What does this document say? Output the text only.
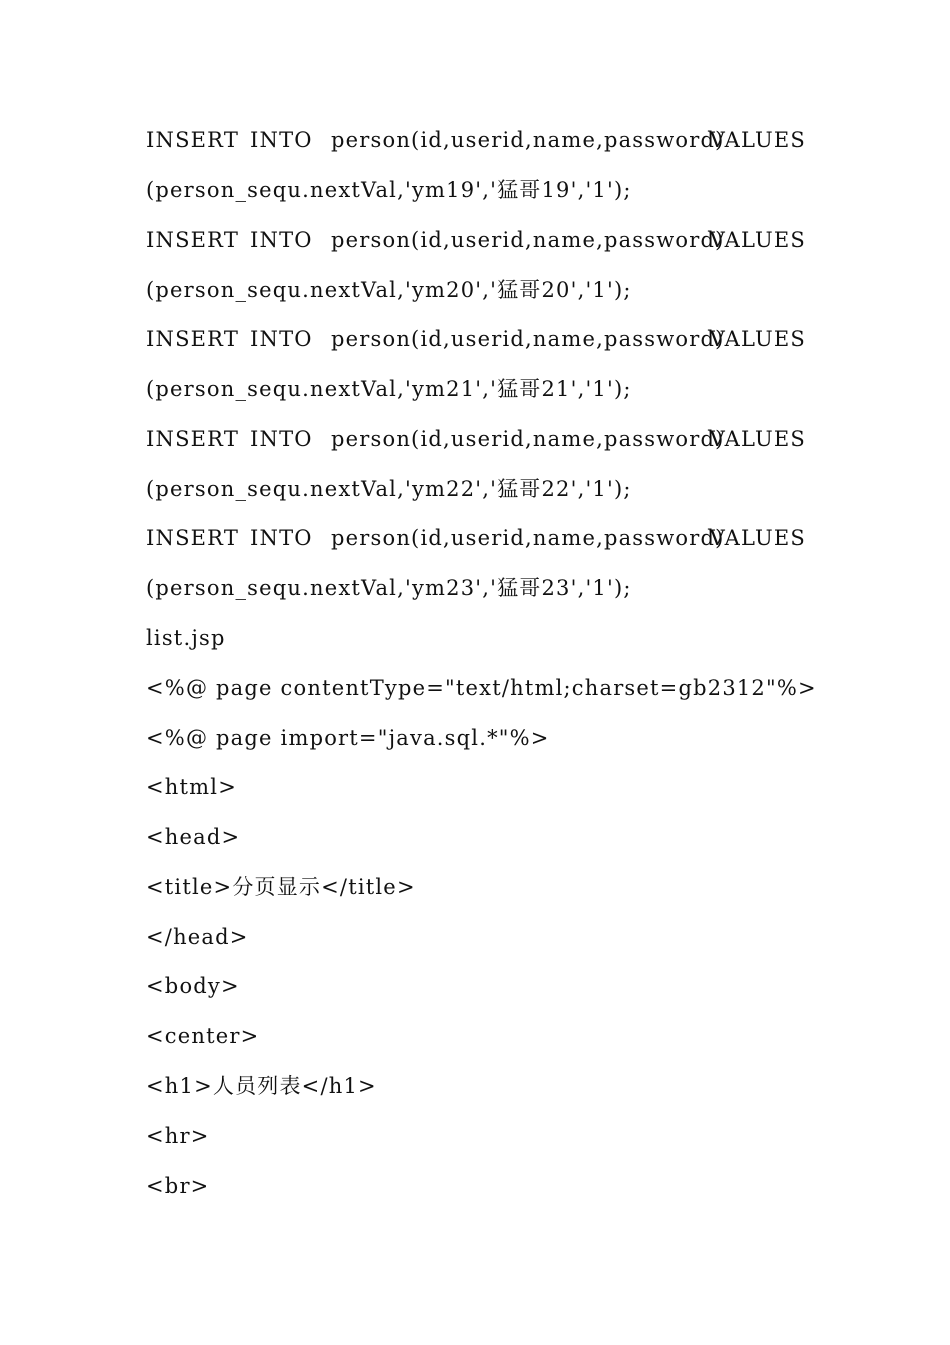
INSERT INTO person(id,userid,name,password)
VALUES
(person_sequ.nextVal,'ym19','猛哥19','1');
INSERT INTO person(id,userid,name,password)
VALUES
(person_sequ.nextVal,'ym20','猛哥20','1');
INSERT INTO person(id,userid,name,password)
VALUES
(person_sequ.nextVal,'ym21','猛哥21','1');
INSERT INTO person(id,userid,name,password)
VALUES
(person_sequ.nextVal,'ym22','猛哥22','1');
INSERT INTO person(id,userid,name,password)
VALUES
(person_sequ.nextVal,'ym23','猛哥23','1');
list.jsp
<%@ page contentType="text/html;charset=gb2312"%>
<%@ page import="java.sql.*"%>
<html>
<head>
<title>分页显示</title>
</head>
<body>
<center>
<h1>人员列表</h1>
<hr>
<br>
